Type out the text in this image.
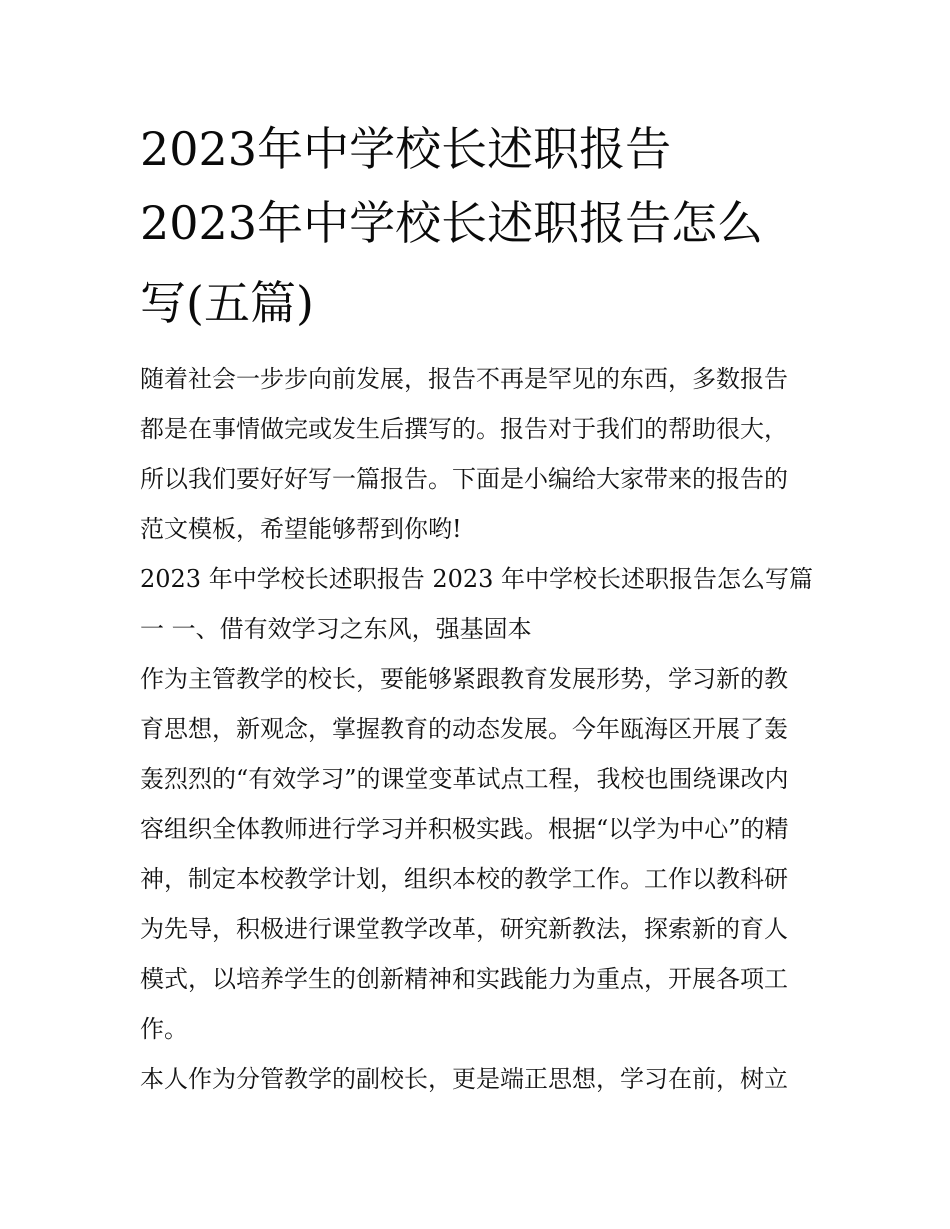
2023年中学校长述职报告
2023年中学校长述职报告怎么
写(五篇)

随着社会一步步向前发展，报告不再是罕见的东西，多数报告
都是在事情做完或发生后撰写的。报告对于我们的帮助很大，
所以我们要好好写一篇报告。下面是小编给大家带来的报告的
范文模板，希望能够帮到你哟!

2023 年中学校长述职报告 2023 年中学校长述职报告怎么写篇
一 一、借有效学习之东风，强基固本

作为主管教学的校长，要能够紧跟教育发展形势，学习新的教
育思想，新观念，掌握教育的动态发展。今年瓯海区开展了轰
轰烈烈的“有效学习”的课堂变革试点工程，我校也围绕课改内
容组织全体教师进行学习并积极实践。根据“以学为中心”的精
神，制定本校教学计划，组织本校的教学工作。工作以教科研
为先导，积极进行课堂教学改革，研究新教法，探索新的育人
模式，以培养学生的创新精神和实践能力为重点，开展各项工
作。

本人作为分管教学的副校长，更是端正思想，学习在前，树立
